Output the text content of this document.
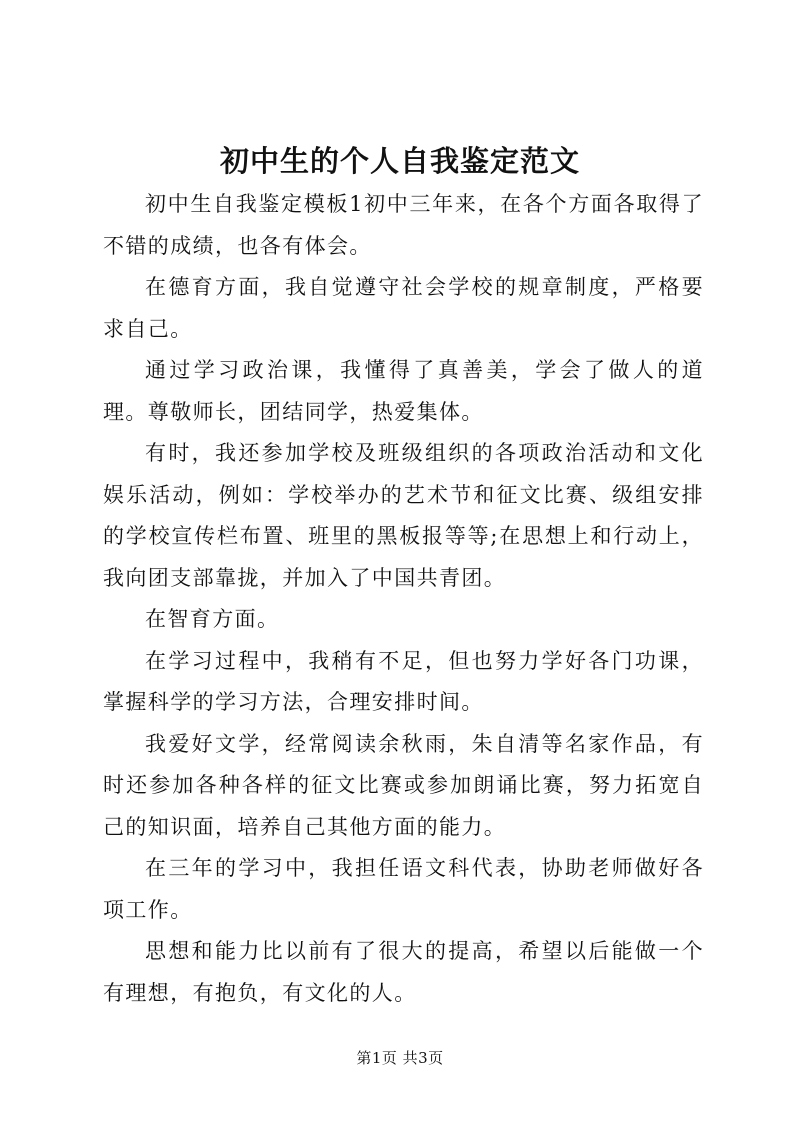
初中生的个人自我鉴定范文

初中生自我鉴定模板1初中三年来，在各个方面各取得了不错的成绩，也各有体会。

在德育方面，我自觉遵守社会学校的规章制度，严格要求自己。

通过学习政治课，我懂得了真善美，学会了做人的道理。尊敬师长，团结同学，热爱集体。

有时，我还参加学校及班级组织的各项政治活动和文化娱乐活动，例如：学校举办的艺术节和征文比赛、级组安排的学校宣传栏布置、班里的黑板报等等;在思想上和行动上，我向团支部靠拢，并加入了中国共青团。

在智育方面。

在学习过程中，我稍有不足，但也努力学好各门功课，掌握科学的学习方法，合理安排时间。

我爱好文学，经常阅读余秋雨，朱自清等名家作品，有时还参加各种各样的征文比赛或参加朗诵比赛，努力拓宽自己的知识面，培养自己其他方面的能力。

在三年的学习中，我担任语文科代表，协助老师做好各项工作。

思想和能力比以前有了很大的提高，希望以后能做一个有理想，有抱负，有文化的人。

第1页 共3页
